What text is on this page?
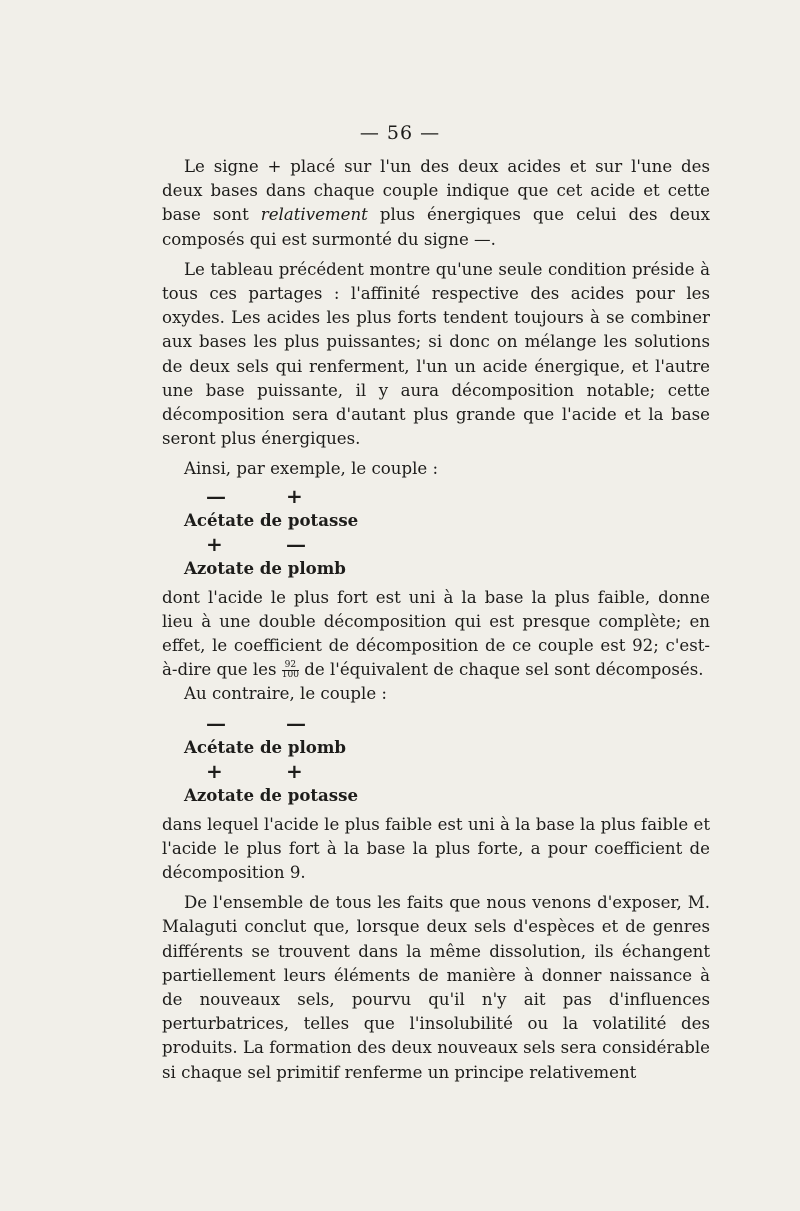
— 56 —

Le signe + placé sur l'un des deux acides et sur l'une des deux bases dans chaque couple indique que cet acide et cette base sont relativement plus énergiques que celui des deux composés qui est surmonté du signe —.

Le tableau précédent montre qu'une seule condition préside à tous ces partages : l'affinité respective des acides pour les oxydes. Les acides les plus forts tendent toujours à se combiner aux bases les plus puissantes; si donc on mélange les solutions de deux sels qui renferment, l'un un acide énergique, et l'autre une base puissante, il y aura décomposition notable; cette décomposition sera d'autant plus grande que l'acide et la base seront plus énergiques.

Ainsi, par exemple, le couple :

—	+

Acétate de potasse

+	—

Azotate de plomb

dont l'acide le plus fort est uni à la base la plus faible, donne lieu à une double décomposition qui est presque complète; en effet, le coefficient de décomposition de ce couple est 92; c'est-à-dire que les $\frac{92}{100}$ de l'équivalent de chaque sel sont décomposés.

Au contraire, le couple :

—	—

Acétate de plomb

+	+

Azotate de potasse

dans lequel l'acide le plus faible est uni à la base la plus faible et l'acide le plus fort à la base la plus forte, a pour coefficient de décomposition 9.

De l'ensemble de tous les faits que nous venons d'exposer, M. Malaguti conclut que, lorsque deux sels d'espèces et de genres différents se trouvent dans la même dissolution, ils échangent partiellement leurs éléments de manière à donner naissance à de nouveaux sels, pourvu qu'il n'y ait pas d'influences perturbatrices, telles que l'insolubilité ou la volatilité des produits. La formation des deux nouveaux sels sera considérable si chaque sel primitif renferme un principe relativement
